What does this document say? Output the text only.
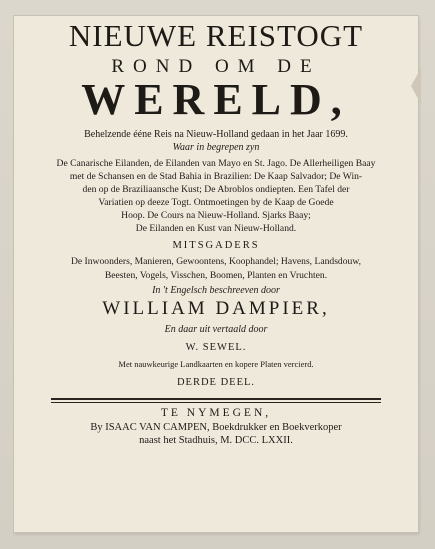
NIEUWE REISTOGT
ROND OM DE
WERELD,
Behelzende ééne Reis na Nieuw-Holland gedaan in het Jaar 1699.
Waar in begrepen zyn
De Canarische Eilanden, de Eilanden van Mayo en St. Jago. De Allerheiligen Baay
met de Schansen en de Stad Bahia in Brazilien: De Kaap Salvador; De Win-
den op de Braziliaansche Kust; De Abroblos ondiepten. Een Tafel der
Variatien op deeze Togt. Ontmoetingen by de Kaap de Goede
Hoop. De Cours na Nieuw-Holland. Sjarks Baay;
De Eilanden en Kust van Nieuw-Holland.
MITSGADERS
De Inwoonders, Manieren, Gewoontens, Koophandel; Havens, Landsdouw,
Beesten, Vogels, Visschen, Boomen, Planten en Vruchten.
In 't Engelsch beschreeven door
WILLIAM DAMPIER,
En daar uit vertaald door
W. SEWEL.
Met nauwkeurige Landkaarten en kopere Platen vercierd.
DERDE DEEL.
TE NYMEGEN,
By ISAAC VAN CAMPEN, Boekdrukker en Boekverkoper
naast het Stadhuis, M. DCC. LXXII.
